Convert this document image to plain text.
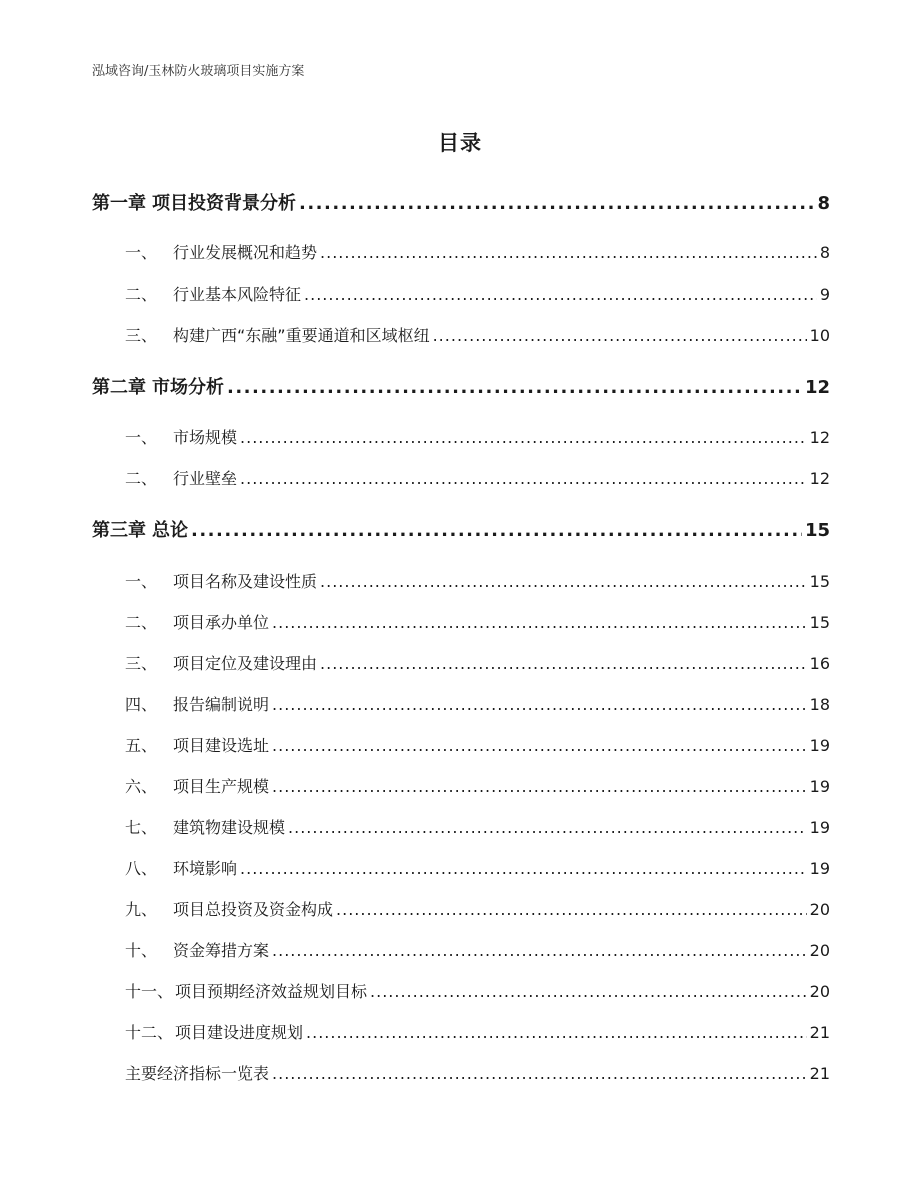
泓域咨询/玉林防火玻璃项目实施方案
目录
第一章 项目投资背景分析 .....	8
一、 行业发展概况和趋势 .....	8
二、 行业基本风险特征 .....	9
三、 构建广西“东融”重要通道和区域枢纽 .....	10
第二章 市场分析 .....	12
一、 市场规模 .....	12
二、 行业壁垒 .....	12
第三章 总论 .....	15
一、 项目名称及建设性质 .....	15
二、 项目承办单位 .....	15
三、 项目定位及建设理由 .....	16
四、 报告编制说明 .....	18
五、 项目建设选址 .....	19
六、 项目生产规模 .....	19
七、 建筑物建设规模 .....	19
八、 环境影响 .....	19
九、 项目总投资及资金构成 .....	20
十、 资金筹措方案 .....	20
十一、 项目预期经济效益规划目标 .....	20
十二、 项目建设进度规划 .....	21
主要经济指标一览表 .....	21
